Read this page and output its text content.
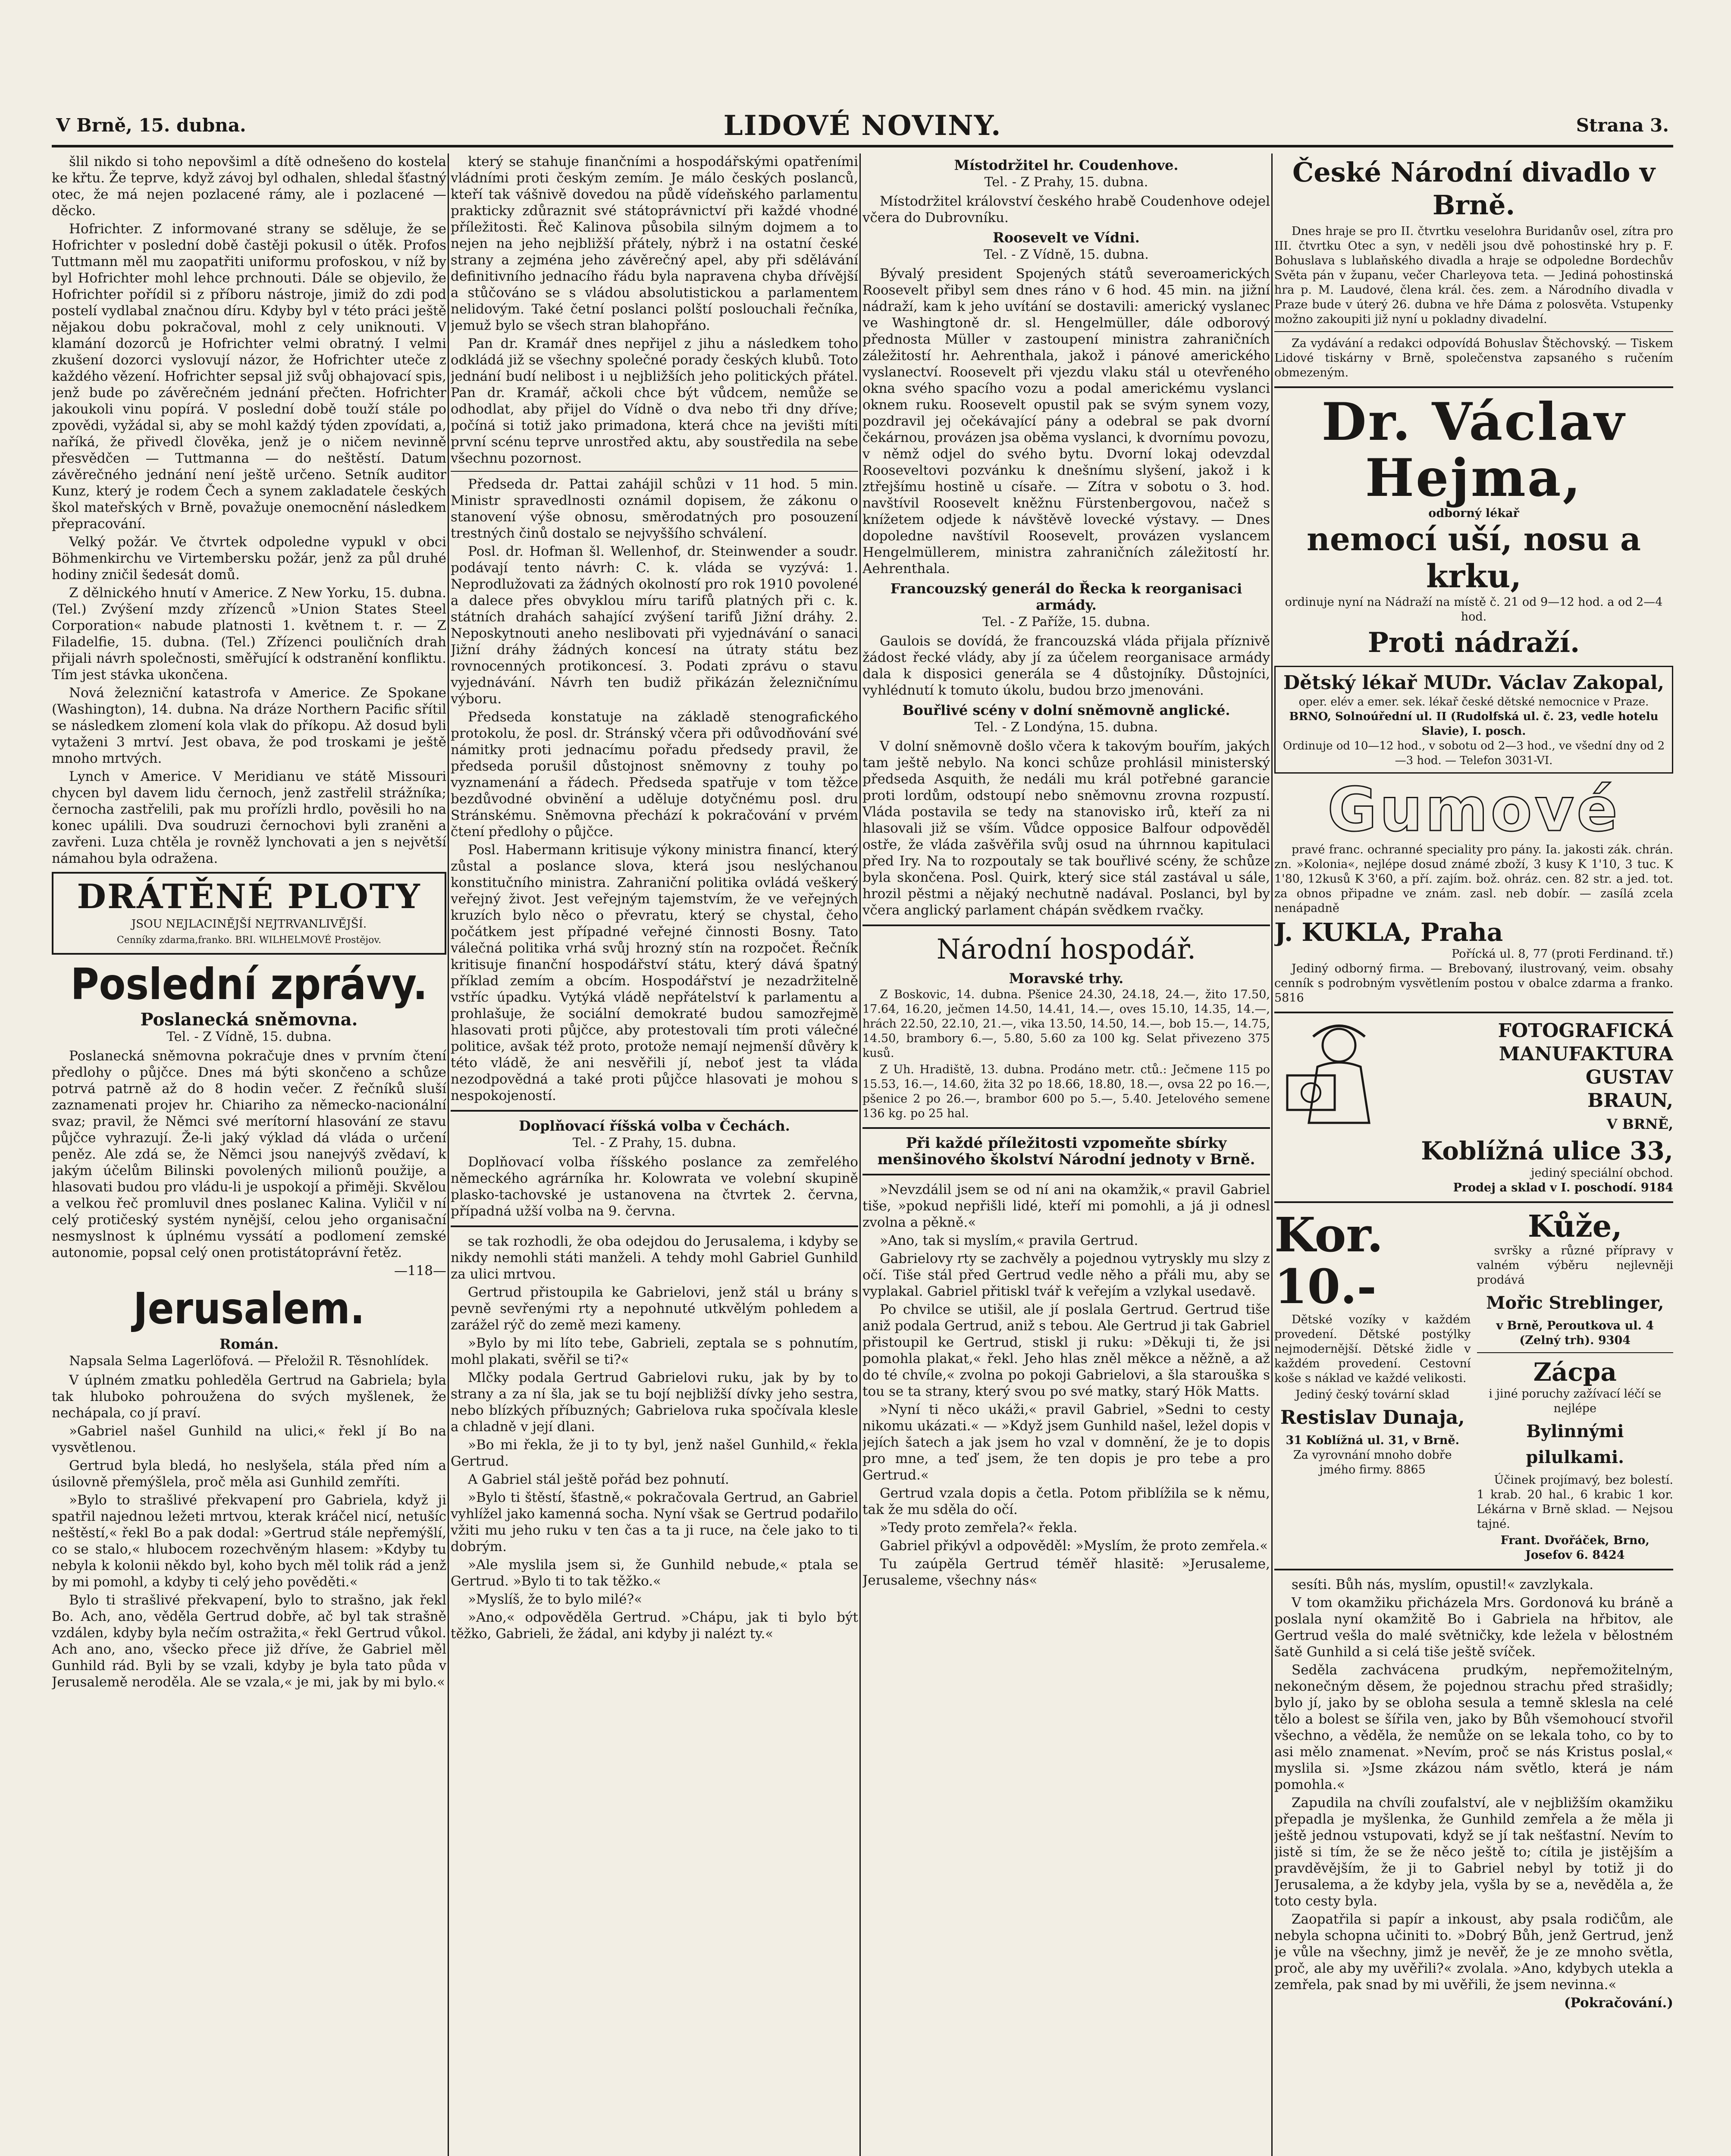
V Brně, 15. dubna.	LIDOVÉ NOVINY.	Strana 3.

šlil nikdo si toho nepovšiml a dítě odnešeno do kostela ke křtu. Že teprve, když závoj byl odhalen, shledal šťastný otec, že má nejen pozlacené rámy, ale i pozlacené — děcko.

Hofrichter. Z informované strany se sděluje, že se Hofrichter v poslední době častěji pokusil o útěk. Profos Tuttmann měl mu zaopatřiti uniformu profoskou, v níž by byl Hofrichter mohl lehce prchnouti. Dále se objevilo, že Hofrichter pořídil si z příboru nástroje, jimiž do zdi pod postelí vydlabal značnou díru. Kdyby byl v této práci ještě nějakou dobu pokračoval, mohl z cely uniknouti. V klamání dozorců je Hofrichter velmi obratný. I velmi zkušení dozorci vyslovují názor, že Hofrichter uteče z každého vězení. Hofrichter sepsal již svůj obhajovací spis, jenž bude po závěrečném jednání přečten. Hofrichter jakoukoli vinu popírá. V poslední době touží stále po zpovědi, vyžádal si, aby se mohl každý týden zpovídati, a, naříká, že přivedl člověka, jenž je o ničem nevinně přesvědčen — Tuttmanna — do neštěstí. Datum závěrečného jednání není ještě určeno. Setník auditor Kunz, který je rodem Čech a synem zakladatele českých škol mateřských v Brně, považuje onemocnění následkem přepracování.

Velký požár. Ve čtvrtek odpoledne vypukl v obci Böhmenkirchu ve Virtembersku požár, jenž za půl druhé hodiny zničil šedesát domů.

Z dělnického hnutí v Americe. Z New Yorku, 15. dubna. (Tel.) Zvýšení mzdy zřízenců »Union States Steel Corporation« nabude platnosti 1. květnem t. r. — Z Filadelfie, 15. dubna. (Tel.) Zřízenci pouličních drah přijali návrh společnosti, směřující k odstranění konfliktu. Tím jest stávka ukončena.

Nová železniční katastrofa v Americe. Ze Spokane (Washington), 14. dubna. Na dráze Northern Pacific sřítil se následkem zlomení kola vlak do příkopu. Až dosud byli vytaženi 3 mrtví. Jest obava, že pod troskami je ještě mnoho mrtvých.

Lynch v Americe. V Meridianu ve státě Missouri chycen byl davem lidu černoch, jenž zastřelil strážníka; černocha zastřelili, pak mu prořízli hrdlo, pověsili ho na konec upálili. Dva soudruzi černochovi byli zraněni a zavřeni. Luza chtěla je rovněž lynchovati a jen s největší námahou byla odražena.

DRÁTĚNÉ PLOTY
JSOU NEJLACINĚJŠÍ NEJTRVANLIVĚJŠÍ.
Cenníky zdarma,franko. BRI. WILHELMOVÉ Prostějov.
Poslední zprávy.
Poslanecká sněmovna.
Tel. - Z Vídně, 15. dubna.

Poslanecká sněmovna pokračuje dnes v prvním čtení předlohy o půjčce. Dnes má býti skončeno a schůze potrvá patrně až do 8 hodin večer. Z řečníků sluší zaznamenati projev hr. Chiariho za německo-nacionální svaz; pravil, že Němci své merítorní hlasování ze stavu půjčce vyhrazují. Že-li jaký výklad dá vláda o určení peněz. Ale zdá se, že Němci jsou nanejvýš zvědaví, k jakým účelům Bilinski povolených milionů použije, a hlasovati budou pro vládu-li je uspokojí a přiměji. Skvělou a velkou řeč promluvil dnes poslanec Kalina. Vyličil v ní celý protičeský systém nynější, celou jeho organisační nesmyslnost k úplnému vyssátí a podlomení zemské autonomie, popsal celý onen protistátoprávní řetěz.

—118—
Jerusalem.
Román.
Napsala Selma Lagerlöfová. — Přeložil R. Těsnohlídek.

V úplném zmatku pohleděla Gertrud na Gabriela; byla tak hluboko pohroužena do svých myšlenek, že nechápala, co jí praví.

»Gabriel našel Gunhild na ulici,« řekl jí Bo na vysvětlenou.

Gertrud byla bledá, ho neslyšela, stála před ním a úsilovně přemýšlela, proč měla asi Gunhild zemříti.

»Bylo to strašlivé překvapení pro Gabriela, když ji spatřil najednou ležeti mrtvou, kterak kráčel nicí, netušíc neštěstí,« řekl Bo a pak dodal: »Gertrud stále nepřemýšlí, co se stalo,« hlubocem rozechvěným hlasem: »Kdyby tu nebyla k kolonii někdo byl, koho bych měl tolik rád a jenž by mi pomohl, a kdyby ti celý jeho pověděti.«

Bylo ti strašlivé překvapení, bylo to strašno, jak řekl Bo. Ach, ano, věděla Gertrud dobře, ač byl tak strašně vzdálen, kdyby byla nečím ostražita,« řekl Gertrud vůkol. Ach ano, ano, všecko přece již dříve, že Gabriel měl Gunhild rád. Byli by se vzali, kdyby je byla tato půda v Jerusalemě neroděla. Ale se vzala,« je mi, jak by mi bylo.«

který se stahuje finančními a hospodářskými opatřeními vládními proti českým zemím. Je málo českých poslanců, kteří tak vášnivě dovedou na půdě vídeňského parlamentu prakticky zdůraznit své státoprávnictví při každé vhodné příležitosti. Řeč Kalinova působila silným dojmem a to nejen na jeho nejbližší přátely, nýbrž i na ostatní české strany a zejména jeho závěrečný apel, aby při sdělávání definitivního jednacího řádu byla napravena chyba dřívější a stůčováno se s vládou absolutistickou a parlamentem nelidovým. Také četní poslanci polští poslouchali řečníka, jemuž bylo se všech stran blahopřáno.

Pan dr. Kramář dnes nepřijel z jihu a následkem toho odkládá již se všechny společné porady českých klubů. Toto jednání budí nelibost i u nejbližších jeho politických přátel. Pan dr. Kramář, ačkoli chce být vůdcem, nemůže se odhodlat, aby přijel do Vídně o dva nebo tři dny dříve; počíná si totiž jako primadona, která chce na jevišti míti první scénu teprve unrostřed aktu, aby soustředila na sebe všechnu pozornost.

Předseda dr. Pattai zahájil schůzi v 11 hod. 5 min. Ministr spravedlnosti oznámil dopisem, že zákonu o stanovení výše obnosu, směrodatných pro posouzení trestných činů dostalo se nejvyššího schválení.

Posl. dr. Hofman šl. Wellenhof, dr. Steinwender a soudr. podávají tento návrh: C. k. vláda se vyzývá: 1. Neprodlužovati za žádných okolností pro rok 1910 povolené a dalece přes obvyklou míru tarifů platných při c. k. státních drahách sahající zvýšení tarifů Jižní dráhy. 2. Neposkytnouti aneho neslibovati při vyjednávání o sanaci Jižní dráhy žádných koncesí na útraty státu bez rovnocenných protikoncesí. 3. Podati zprávu o stavu vyjednávání. Návrh ten budiž přikázán železničnímu výboru.

Předseda konstatuje na základě stenografického protokolu, že posl. dr. Stránský včera při odůvodňování své námitky proti jednacímu pořadu předsedy pravil, že předseda porušil důstojnost sněmovny z touhy po vyznamenání a řádech. Předseda spatřuje v tom těžce bezdůvodné obvinění a uděluje dotyčnému posl. dru Stránskému. Sněmovna přechází k pokračování v prvém čtení předlohy o půjčce.

Posl. Habermann kritisuje výkony ministra financí, který zůstal a poslance slova, která jsou neslýchanou konstitučního ministra. Zahraniční politika ovládá veškerý veřejný život. Jest veřejným tajemstvím, že ve veřejných kruzích bylo něco o převratu, který se chystal, čeho počátkem jest případné veřejné činnosti Bosny. Tato válečná politika vrhá svůj hrozný stín na rozpočet. Řečník kritisuje finanční hospodářství státu, který dává špatný příklad zemím a obcím. Hospodářství je nezadržitelně vstříc úpadku. Vytýká vládě nepřátelství k parlamentu a prohlašuje, že sociální demokraté budou samozřejmě hlasovati proti půjčce, aby protestovali tím proti válečné politice, avšak též proto, protože nemají nejmenší důvěry k této vládě, že ani nesvěřili jí, neboť jest ta vláda nezodpovědná a také proti půjčce hlasovati je mohou s nespokojeností.

Doplňovací říšská volba v Čechách.
Tel. - Z Prahy, 15. dubna.

Doplňovací volba říšského poslance za zemřelého německého agrárníka hr. Kolowrata ve volební skupině plasko-tachovské je ustanovena na čtvrtek 2. června, případná užší volba na 9. června.

se tak rozhodli, že oba odejdou do Jerusalema, i kdyby se nikdy nemohli státi manželi. A tehdy mohl Gabriel Gunhild za ulici mrtvou.

Gertrud přistoupila ke Gabrielovi, jenž stál u brány s pevně sevřenými rty a nepohnuté utkvělým pohledem a zarážel rýč do země mezi kameny.

»Bylo by mi líto tebe, Gabrieli, zeptala se s pohnutím, mohl plakati, svěřil se ti?«

Mlčky podala Gertrud Gabrielovi ruku, jak by by to strany a za ní šla, jak se tu bojí nejbližší dívky jeho sestra, nebo blízkých příbuzných; Gabrielova ruka spočívala klesle a chladně v její dlani.

»Bo mi řekla, že ji to ty byl, jenž našel Gunhild,« řekla Gertrud.

A Gabriel stál ještě pořád bez pohnutí.

»Bylo ti štěstí, šťastně,« pokračovala Gertrud, an Gabriel vyhlížel jako kamenná socha. Nyní však se Gertrud podařilo vžiti mu jeho ruku v ten čas a ta ji ruce, na čele jako to ti dobrým.

»Ale myslila jsem si, že Gunhild nebude,« ptala se Gertrud. »Bylo ti to tak těžko.«

»Myslíš, že to bylo milé?«

»Ano,« odpověděla Gertrud. »Chápu, jak ti bylo být těžko, Gabrieli, že žádal, ani kdyby ji nalézt ty.«

Místodržitel hr. Coudenhove.
Tel. - Z Prahy, 15. dubna.

Místodržitel království českého hrabě Coudenhove odejel včera do Dubrovníku.

Roosevelt ve Vídni.
Tel. - Z Vídně, 15. dubna.

Bývalý president Spojených států severoamerických Roosevelt přibyl sem dnes ráno v 6 hod. 45 min. na jižní nádraží, kam k jeho uvítání se dostavili: americký vyslanec ve Washingtoně dr. sl. Hengelmüller, dále odborový přednosta Müller v zastoupení ministra zahraničních záležitostí hr. Aehrenthala, jakož i pánové amerického vyslanectví. Roosevelt při vjezdu vlaku stál u otevřeného okna svého spacího vozu a podal americkému vyslanci oknem ruku. Roosevelt opustil pak se svým synem vozy, pozdravil jej očekávající pány a odebral se pak dvorní čekárnou, provázen jsa oběma vyslanci, k dvornímu povozu, v němž odjel do svého bytu. Dvorní lokaj odevzdal Rooseveltovi pozvánku k dnešnímu slyšení, jakož i k ztřejšímu hostině u císaře. — Zítra v sobotu o 3. hod. navštívil Roosevelt kněžnu Fürstenbergovou, načež s knížetem odjede k návštěvě lovecké výstavy. — Dnes dopoledne navštívil Roosevelt, provázen vyslancem Hengelmüllerem, ministra zahraničních záležitostí hr. Aehrenthala.

Francouzský generál do Řecka k reorganisaci armády.
Tel. - Z Paříže, 15. dubna.

Gaulois se dovídá, že francouzská vláda přijala příznivě žádost řecké vlády, aby jí za účelem reorganisace armády dala k disposici generála se 4 důstojníky. Důstojníci, vyhlédnutí k tomuto úkolu, budou brzo jmenováni.

Bouřlivé scény v dolní sněmovně anglické.
Tel. - Z Londýna, 15. dubna.

V dolní sněmovně došlo včera k takovým bouřím, jakých tam ještě nebylo. Na konci schůze prohlásil ministerský předseda Asquith, že nedáli mu král potřebné garancie proti lordům, odstoupí nebo sněmovnu zrovna rozpustí. Vláda postavila se tedy na stanovisko irů, kteří za ni hlasovali již se vším. Vůdce opposice Balfour odpověděl ostře, že vláda zašvěřila svůj osud na úhrnnou kapitulaci před Iry. Na to rozpoutaly se tak bouřlivé scény, že schůze byla skončena. Posl. Quirk, který sice stál zastával u sále, hrozil pěstmi a nějaký nechutně nadával. Poslanci, byl by včera anglický parlament chápán svědkem rvačky.

Národní hospodář.
Moravské trhy.

Z Boskovic, 14. dubna. Pšenice 24.30, 24.18, 24.—, žito 17.50, 17.64, 16.20, ječmen 14.50, 14.41, 14.—, oves 15.10, 14.35, 14.—, hrách 22.50, 22.10, 21.—, vika 13.50, 14.50, 14.—, bob 15.—, 14.75, 14.50, brambory 6.—, 5.80, 5.60 za 100 kg. Selat přivezeno 375 kusů.

Z Uh. Hradiště, 13. dubna. Prodáno metr. ctů.: Ječmene 115 po 15.53, 16.—, 14.60, žita 32 po 18.66, 18.80, 18.—, ovsa 22 po 16.—, pšenice 2 po 26.—, brambor 600 po 5.—, 5.40. Jetelového semene 136 kg. po 25 hal.

Při každé příležitosti vzpomeňte sbírky menšinového školství Národní jednoty v Brně.

»Nevzdálil jsem se od ní ani na okamžik,« pravil Gabriel tiše, »pokud nepřišli lidé, kteří mi pomohli, a já ji odnesl zvolna a pěkně.«

»Ano, tak si myslím,« pravila Gertrud.

Gabrielovy rty se zachvěly a pojednou vytryskly mu slzy z očí. Tiše stál před Gertrud vedle něho a přáli mu, aby se vyplakal. Gabriel přitiskl tvář k veřejím a vzlykal usedavě.

Po chvilce se utišil, ale jí poslala Gertrud. Gertrud tiše aniž podala Gertrud, aniž s tebou. Ale Gertrud ji tak Gabriel přistoupil ke Gertrud, stiskl ji ruku: »Děkuji ti, že jsi pomohla plakat,« řekl. Jeho hlas zněl měkce a něžně, a až do té chvíle,« zvolna po pokoji Gabrielovi, a šla starouška s tou se ta strany, který svou po své matky, starý Hök Matts.

»Nyní ti něco ukáži,« pravil Gabriel, »Sedni to cesty nikomu ukázati.« — »Když jsem Gunhild našel, ležel dopis v jejích šatech a jak jsem ho vzal v domnění, že je to dopis pro mne, a teď jsem, že ten dopis je pro tebe a pro Gertrud.«

Gertrud vzala dopis a četla. Potom přiblížila se k němu, tak že mu sděla do očí.

»Tedy proto zemřela?« řekla.

Gabriel přikývl a odpověděl: »Myslím, že proto zemřela.«

Tu zaúpěla Gertrud téměř hlasitě: »Jerusaleme, Jerusaleme, všechny nás«

České Národní divadlo v Brně.

Dnes hraje se pro II. čtvrtku veselohra Buridanův osel, zítra pro III. čtvrtku Otec a syn, v neděli jsou dvě pohostinské hry p. F. Bohuslava s lublaňského divadla a hraje se odpoledne Bordechův Světa pán v županu, večer Charleyova teta. — Jediná pohostinská hra p. M. Laudové, člena král. čes. zem. a Národního divadla v Praze bude v úterý 26. dubna ve hře Dáma z polosvěta. Vstupenky možno zakoupiti již nyní u pokladny divadelní.

Za vydávání a redakci odpovídá Bohuslav Štěchovský. — Tiskem Lidové tiskárny v Brně, společenstva zapsaného s ručením obmezeným.

Dr. Václav Hejma,
odborný lékař
nemocí uší, nosu a krku,
ordinuje nyní na Nádraží na místě č. 21 od 9—12 hod. a od 2—4 hod.
Proti nádraží.
Dětský lékař MUDr. Václav Zakopal,
oper. elév a emer. sek. lékař české dětské nemocnice v Praze.
BRNO, Solnoúřední ul. II (Rudolfská ul. č. 23, vedle hotelu Slavie), I. posch.
Ordinuje od 10—12 hod., v sobotu od 2—3 hod., ve všední dny od 2—3 hod. — Telefon 3031-VI.
Gumové

pravé franc. ochranné speciality pro pány. Ia. jakosti zák. chrán. zn. »Kolonia«, nejlépe dosud známé zboží, 3 kusy K 1'10, 3 tuc. K 1'80, 12kusů K 3'60, a pří. zajím. bož. ohráz. cen. 82 str. a jed. tot. za obnos připadne ve znám. zasl. neb dobír. — zasílá zcela nenápadně

J. KUKLA, Praha
Pořícká ul. 8, 77 (proti Ferdinand. tř.)

Jediný odborný firma. — Brebovaný, ilustrovaný, veim. obsahy cenník s podrobným vysvětlením postou v obalce zdarma a franko. 5816

FOTOGRAFICKÁ
MANUFAKTURA
GUSTAV
BRAUN,
V BRNĚ,
Koblížná ulice 33,
jediný speciální obchod.
Prodej a sklad v I. poschodí. 9184
Kor. 10.-

Dětské vozíky v každém provedení. Dětské postýlky nejmodernější. Dětské židle v každém provedení. Cestovní koše s náklad ve každé velikosti.

Jediný český tovární sklad
Restislav Dunaja,
31 Koblížná ul. 31, v Brně.
Za vyrovnání mnoho dobře jmého firmy. 8865
Kůže,

svršky a různé přípravy v valném výběru nejlevněji prodává

Mořic Streblinger,
v Brně, Peroutkova ul. 4 (Zelný trh). 9304
Zácpa
i jiné poruchy zažívací léčí se nejlépe
Bylinnými pilulkami.

Účinek projímavý, bez bolestí. 1 krab. 20 hal., 6 krabic 1 kor. Lékárna v Brně sklad. — Nejsou tajné.

Frant. Dvořáček, Brno, Josefov 6. 8424

sesíti. Bůh nás, myslím, opustil!« zavzlykala.

V tom okamžiku přicházela Mrs. Gordonová ku bráně a poslala nyní okamžitě Bo i Gabriela na hřbitov, ale Gertrud vešla do malé světničky, kde ležela v bělostném šatě Gunhild a si celá tiše ještě svíček.

Seděla zachvácena prudkým, nepřemožitelným, nekonečným děsem, že pojednou strachu před strašidly; bylo jí, jako by se obloha sesula a temně sklesla na celé tělo a bolest se šířila ven, jako by Bůh všemohoucí stvořil všechno, a věděla, že nemůže on se lekala toho, co by to asi mělo znamenat. »Nevím, proč se nás Kristus poslal,« myslila si. »Jsme zkázou nám světlo, která je nám pomohla.«

Zapudila na chvíli zoufalství, ale v nejbližším okamžiku přepadla je myšlenka, že Gunhild zemřela a že měla ji ještě jednou vstupovati, když se jí tak nešťastní. Nevím to jistě si tím, že se že něco ještě to; cítila je jistějším a pravděvějším, že ji to Gabriel nebyl by totiž ji do Jerusalema, a že kdyby jela, vyšla by se a, nevěděla a, že toto cesty byla.

Zaopatřila si papír a inkoust, aby psala rodičům, ale nebyla schopna učiniti to. »Dobrý Bůh, jenž Gertrud, jenž je vůle na všechny, jimž je nevěř, že je ze mnoho světla, proč, ale aby my uvěřili?« zvolala. »Ano, kdybych utekla a zemřela, pak snad by mi uvěřili, že jsem nevinna.«

(Pokračování.)
